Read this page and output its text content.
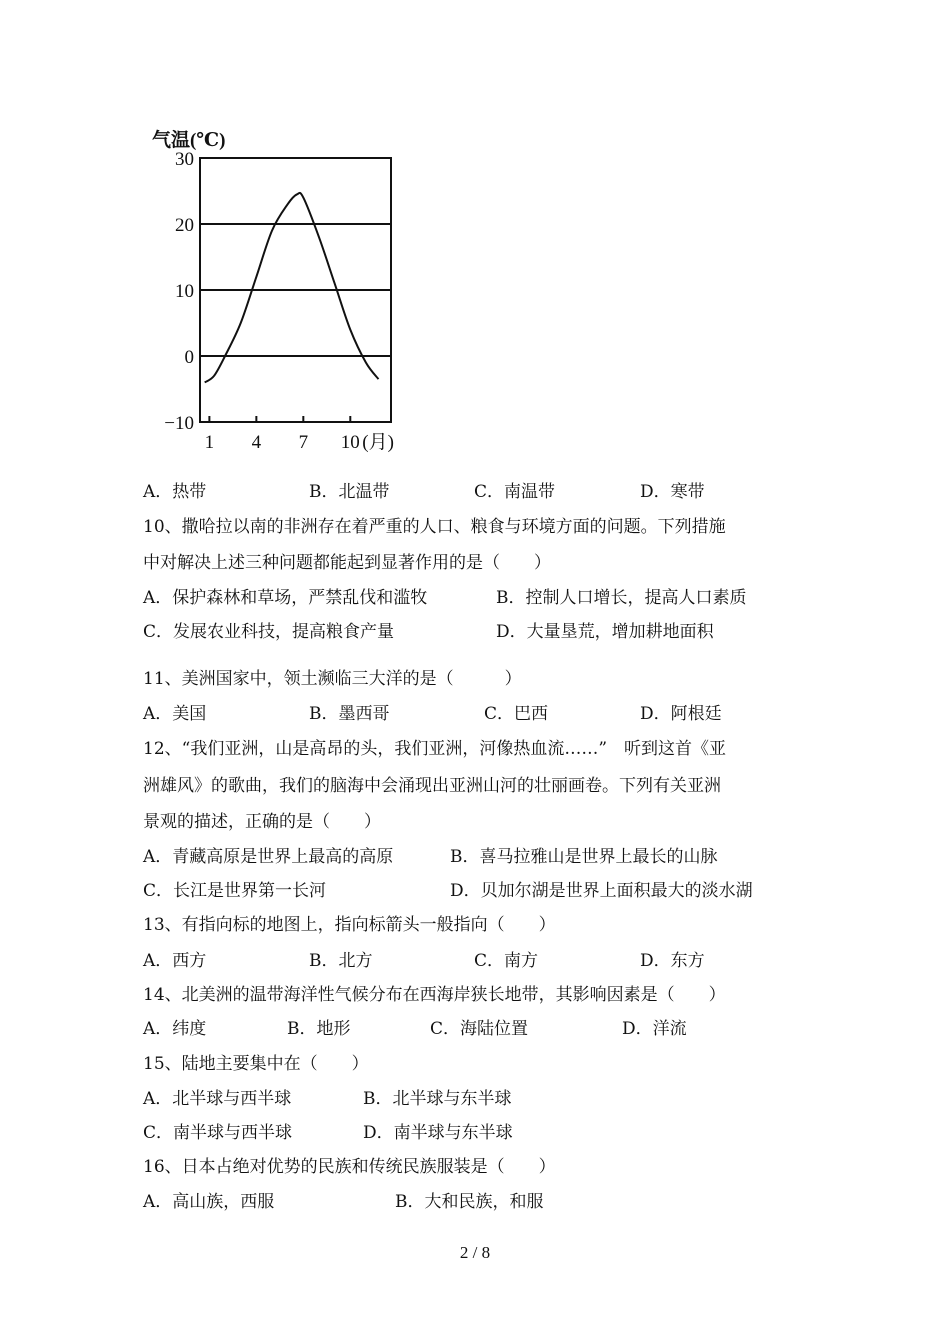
气温(℃)
30
20
10
0
−10
1 4 7 10 (月)
A．热带	B．北温带	C．南温带	D．寒带
10、撒哈拉以南的非洲存在着严重的人口、粮食与环境方面的问题。下列措施
中对解决上述三种问题都能起到显著作用的是（　　）
A．保护森林和草场，严禁乱伐和滥牧	B．控制人口增长，提高人口素质
C．发展农业科技，提高粮食产量	D．大量垦荒，增加耕地面积
11、美洲国家中，领土濒临三大洋的是（　　　）
A．美国	B．墨西哥	C．巴西	D．阿根廷
12、“我们亚洲，山是高昂的头，我们亚洲，河像热血流……”　听到这首《亚
洲雄风》的歌曲，我们的脑海中会涌现出亚洲山河的壮丽画卷。下列有关亚洲
景观的描述，正确的是（　　）
A．青藏高原是世界上最高的高原	B．喜马拉雅山是世界上最长的山脉
C．长江是世界第一长河	D．贝加尔湖是世界上面积最大的淡水湖
13、有指向标的地图上，指向标箭头一般指向（　　）
A．西方	B．北方	C．南方	D．东方
14、北美洲的温带海洋性气候分布在西海岸狭长地带，其影响因素是（　　）
A．纬度	B．地形	C．海陆位置	D．洋流
15、陆地主要集中在（　　）
A．北半球与西半球	B．北半球与东半球
C．南半球与西半球	D．南半球与东半球
16、日本占绝对优势的民族和传统民族服装是（　　）
A．高山族，西服	B．大和民族，和服
2 / 8
